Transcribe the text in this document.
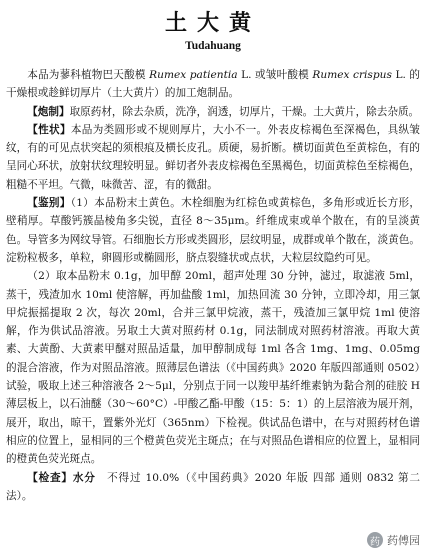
土大黄
Tudahuang

本品为蓼科植物巴天酸模 Rumex patientia L. 或皱叶酸模 Rumex crispus L. 的干燥根或趁鲜切厚片（土大黄片）的加工炮制品。

【炮制】取原药材，除去杂质，洗净，润透，切厚片，干燥。土大黄片，除去杂质。

【性状】本品为类圆形或不规则厚片，大小不一。外表皮棕褐色至深褐色，具纵皱纹，有的可见点状突起的须根痕及横长皮孔。质硬，易折断。横切面黄色至黄棕色，有的呈同心环状，放射状纹理较明显。鲜切者外表皮棕褐色至黑褐色，切面黄棕色至棕褐色，粗糙不平坦。气微，味微苦、涩，有的微甜。

【鉴别】（1）本品粉末土黄色。木栓细胞为红棕色或黄棕色，多角形或近长方形，壁稍厚。草酸钙簇晶棱角多尖锐，直径 8～35μm。纤维成束或单个散在，有的呈淡黄色。导管多为网纹导管。石细胞长方形或类圆形，层纹明显，成群或单个散在，淡黄色。淀粉粒极多，单粒，卵圆形或椭圆形，脐点裂缝状或点状，大粒层纹隐约可见。

（2）取本品粉末 0.1g，加甲醇 20ml，超声处理 30 分钟，滤过，取滤液 5ml，蒸干，残渣加水 10ml 使溶解，再加盐酸 1ml，加热回流 30 分钟，立即冷却，用三氯甲烷振摇提取 2 次，每次 20ml，合并三氯甲烷液，蒸干，残渣加三氯甲烷 1ml 使溶解，作为供试品溶液。另取土大黄对照药材 0.1g，同法制成对照药材溶液。再取大黄素、大黄酚、大黄素甲醚对照品适量，加甲醇制成每 1ml 各含 1mg、1mg、0.05mg 的混合溶液，作为对照品溶液。照薄层色谱法（《中国药典》2020 年版四部通则 0502）试验，吸取上述三种溶液各 2～5μl，分别点于同一以羧甲基纤维素钠为黏合剂的硅胶 H 薄层板上，以石油醚（30～60°C）-甲酸乙酯-甲酸（15：5：1）的上层溶液为展开剂，展开，取出，晾干，置紫外光灯（365nm）下检视。供试品色谱中，在与对照药材色谱相应的位置上，显相同的三个橙黄色荧光主斑点；在与对照品色谱相应的位置上，显相同的橙黄色荧光斑点。

【检查】水分　 不得过 10.0%（《中国药典》2020 年版 四部 通则 0832 第二法）。

药 药傅园
